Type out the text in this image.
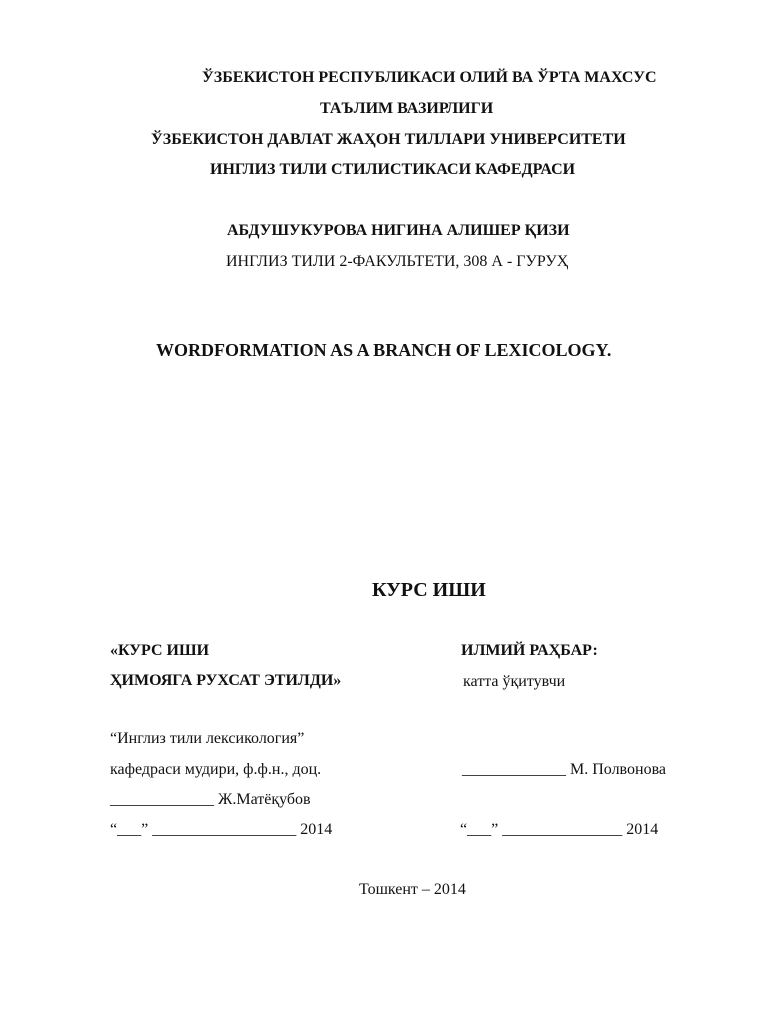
ЎЗБЕКИСТОН РЕСПУБЛИКАСИ ОЛИЙ ВА ЎРТА МАХСУС
ТАЪЛИМ ВАЗИРЛИГИ
ЎЗБЕКИСТОН ДАВЛАТ ЖАҲОН ТИЛЛАРИ УНИВЕРСИТЕТИ
ИНГЛИЗ ТИЛИ СТИЛИСТИКАСИ КАФЕДРАСИ
АБДУШУКУРОВА НИГИНА АЛИШЕР ҚИЗИ
ИНГЛИЗ ТИЛИ 2-ФАКУЛЬТЕТИ, 308 А - ГУРУҲ
WORDFORMATION AS A BRANCH OF LEXICOLOGY.
КУРС ИШИ
«КУРС ИШИ
ҲИМОЯГА РУХСАТ ЭТИЛДИ»
ИЛМИЙ РАҲБАР:
катта ўқитувчи
“Инглиз тили лексикология”
кафедраси мудири, ф.ф.н., доц.	_____________ М. Полвонова
_____________ Ж.Матёқубов
“___” __________________ 2014	“___” _______________ 2014
Тошкент – 2014
